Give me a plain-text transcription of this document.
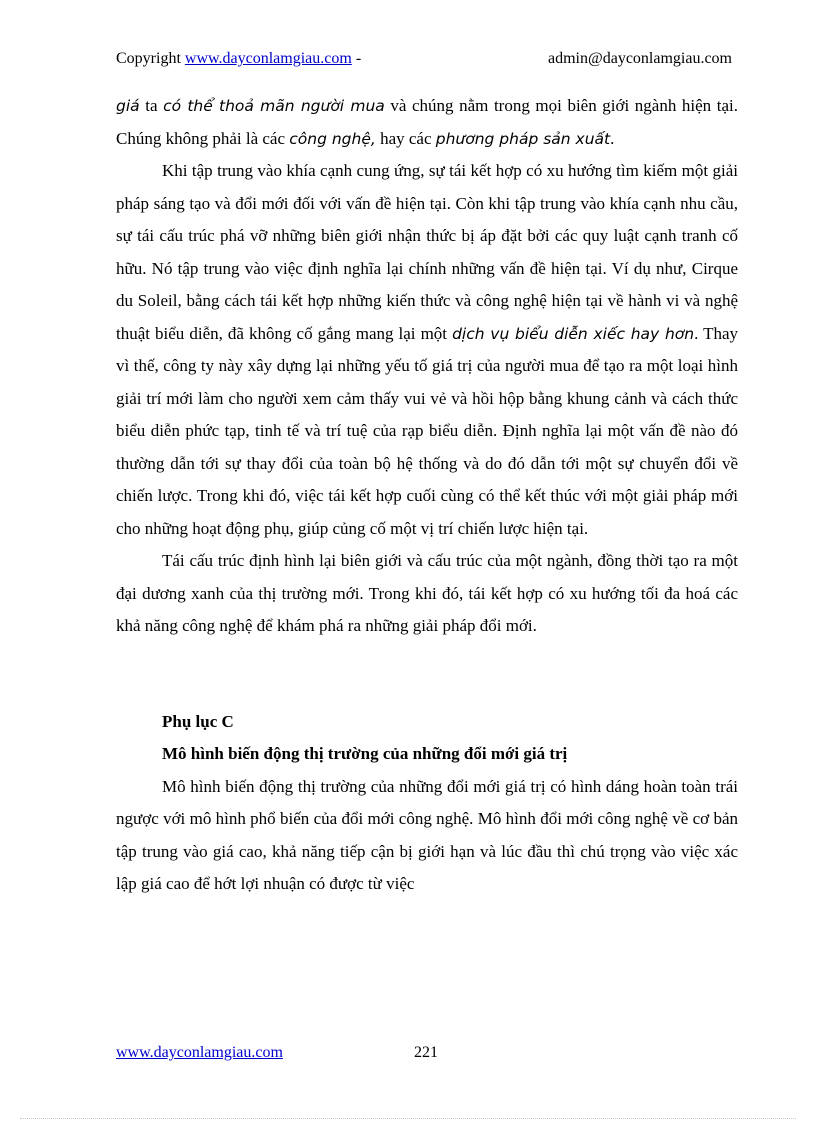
Copyright www.dayconlamgiau.com -	admin@dayconlamgiau.com

giá ta có thể thoả mãn người mua và chúng nằm trong mọi biên giới ngành hiện tại. Chúng không phải là các công nghệ, hay các phương pháp sản xuất.

Khi tập trung vào khía cạnh cung ứng, sự tái kết hợp có xu hướng tìm kiếm một giải pháp sáng tạo và đổi mới đối với vấn đề hiện tại. Còn khi tập trung vào khía cạnh nhu cầu, sự tái cấu trúc phá vỡ những biên giới nhận thức bị áp đặt bởi các quy luật cạnh tranh cố hữu. Nó tập trung vào việc định nghĩa lại chính những vấn đề hiện tại. Ví dụ như, Cirque du Soleil, bằng cách tái kết hợp những kiến thức và công nghệ hiện tại về hành vi và nghệ thuật biểu diễn, đã không cố gắng mang lại một dịch vụ biểu diễn xiếc hay hơn. Thay vì thế, công ty này xây dựng lại những yếu tố giá trị của người mua để tạo ra một loại hình giải trí mới làm cho người xem cảm thấy vui vẻ và hồi hộp bằng khung cảnh và cách thức biểu diễn phức tạp, tinh tế và trí tuệ của rạp biểu diễn. Định nghĩa lại một vấn đề nào đó thường dẫn tới sự thay đổi của toàn bộ hệ thống và do đó dẫn tới một sự chuyển đổi về chiến lược. Trong khi đó, việc tái kết hợp cuối cùng có thể kết thúc với một giải pháp mới cho những hoạt động phụ, giúp củng cố một vị trí chiến lược hiện tại.

Tái cấu trúc định hình lại biên giới và cấu trúc của một ngành, đồng thời tạo ra một đại dương xanh của thị trường mới. Trong khi đó, tái kết hợp có xu hướng tối đa hoá các khả năng công nghệ để khám phá ra những giải pháp đổi mới.

Phụ lục C

Mô hình biến động thị trường của những đổi mới giá trị

Mô hình biến động thị trường của những đổi mới giá trị có hình dáng hoàn toàn trái ngược với mô hình phổ biến của đổi mới công nghệ. Mô hình đổi mới công nghệ về cơ bản tập trung vào giá cao, khả năng tiếp cận bị giới hạn và lúc đầu thì chú trọng vào việc xác lập giá cao để hớt lợi nhuận có được từ việc

www.dayconlamgiau.com	221
